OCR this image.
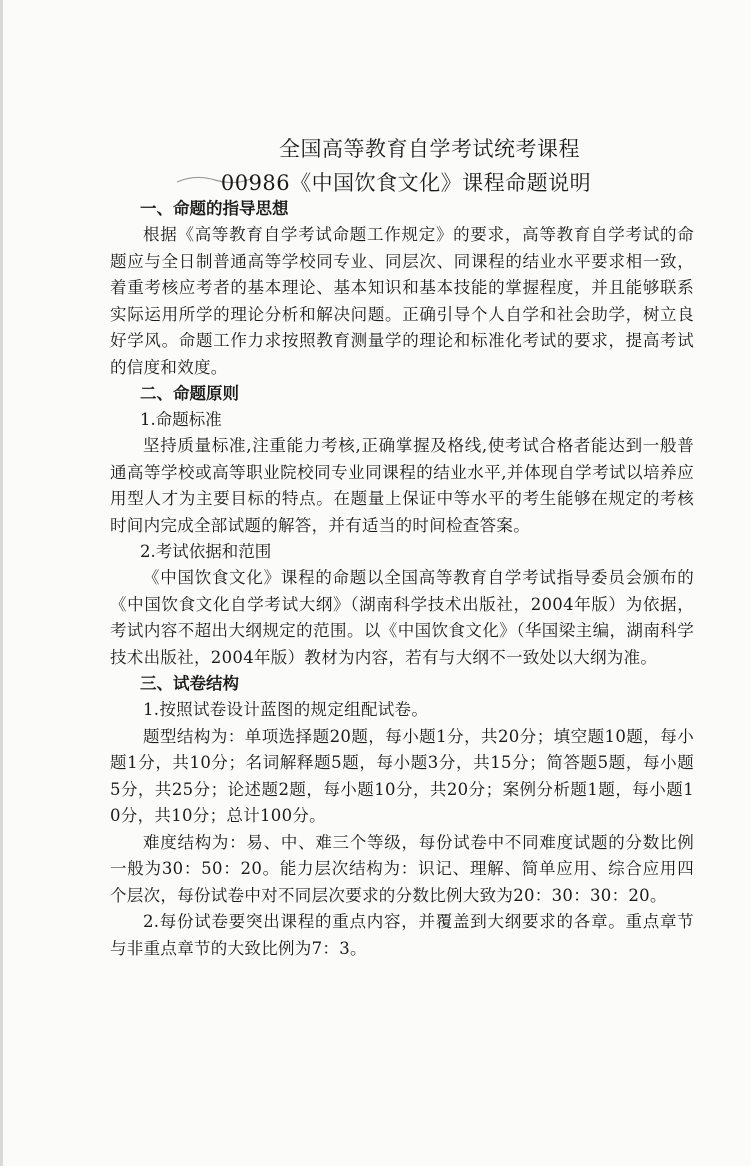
全国高等教育自学考试统考课程
00986《中国饮食文化》课程命题说明
一、命题的指导思想

根据《高等教育自学考试命题工作规定》的要求，高等教育自学考试的命题应与全日制普通高等学校同专业、同层次、同课程的结业水平要求相一致，着重考核应考者的基本理论、基本知识和基本技能的掌握程度，并且能够联系实际运用所学的理论分析和解决问题。正确引导个人自学和社会助学，树立良好学风。命题工作力求按照教育测量学的理论和标准化考试的要求，提高考试的信度和效度。

二、命题原则
1.命题标准

坚持质量标准,注重能力考核,正确掌握及格线,使考试合格者能达到一般普通高等学校或高等职业院校同专业同课程的结业水平,并体现自学考试以培养应用型人才为主要目标的特点。在题量上保证中等水平的考生能够在规定的考核时间内完成全部试题的解答，并有适当的时间检查答案。

2.考试依据和范围

《中国饮食文化》课程的命题以全国高等教育自学考试指导委员会颁布的《中国饮食文化自学考试大纲》（湖南科学技术出版社，2004年版）为依据，考试内容不超出大纲规定的范围。以《中国饮食文化》（华国梁主编，湖南科学技术出版社，2004年版）教材为内容，若有与大纲不一致处以大纲为准。

三、试卷结构

1.按照试卷设计蓝图的规定组配试卷。

题型结构为：单项选择题20题，每小题1分，共20分；填空题10题，每小题1分，共10分；名词解释题5题，每小题3分，共15分；简答题5题，每小题5分，共25分；论述题2题，每小题10分，共20分；案例分析题1题，每小题10分，共10分；总计100分。

难度结构为：易、中、难三个等级，每份试卷中不同难度试题的分数比例一般为30：50：20。能力层次结构为：识记、理解、简单应用、综合应用四个层次，每份试卷中对不同层次要求的分数比例大致为20：30：30：20。

2.每份试卷要突出课程的重点内容，并覆盖到大纲要求的各章。重点章节与非重点章节的大致比例为7：3。
